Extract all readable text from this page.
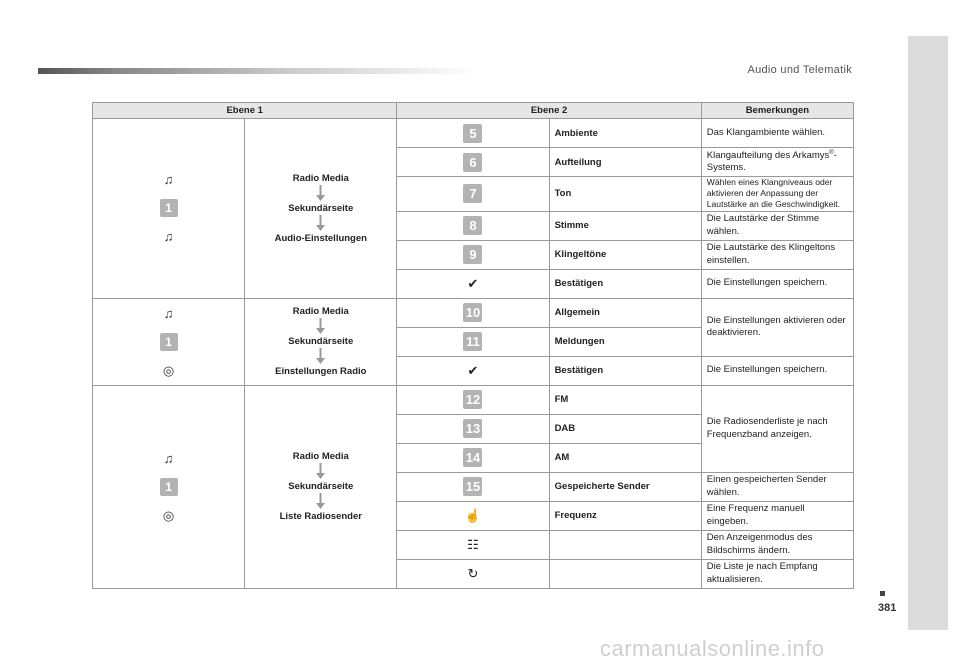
Audio und Telematik
Ebene 1		Ebene 2		Bemerkungen

♫
1
♫	Radio Media
Sekundärseite
Audio-Einstellungen	5	Ambiente	Das Klangambiente wählen.
		6	Aufteilung	Klangaufteilung des Arkamys®-Systems.
		7	Ton	Wählen eines Klangniveaus oder aktivieren der Anpassung der Lautstärke an die Geschwindigkeit.
		8	Stimme	Die Lautstärke der Stimme wählen.
		9	Klingeltöne	Die Lautstärke des Klingeltons einstellen.
		✔	Bestätigen	Die Einstellungen speichern.

♫
1
◎	Radio Media
Sekundärseite
Einstellungen Radio	10	Allgemein	Die Einstellungen aktivieren oder deaktivieren.
		11	Meldungen	
		✔	Bestätigen	Die Einstellungen speichern.

♫
1
◎	Radio Media
Sekundärseite
Liste Radiosender	12	FM	Die Radiosenderliste je nach Frequenzband anzeigen.
		13	DAB	
		14	AM	
		15	Gespeicherte Sender	Einen gespeicherten Sender wählen.
		☝	Frequenz	Eine Frequenz manuell eingeben.
		☷		Den Anzeigenmodus des Bildschirms ändern.
		↻		Die Liste je nach Empfang aktualisieren.
381
carmanualsonline.info
